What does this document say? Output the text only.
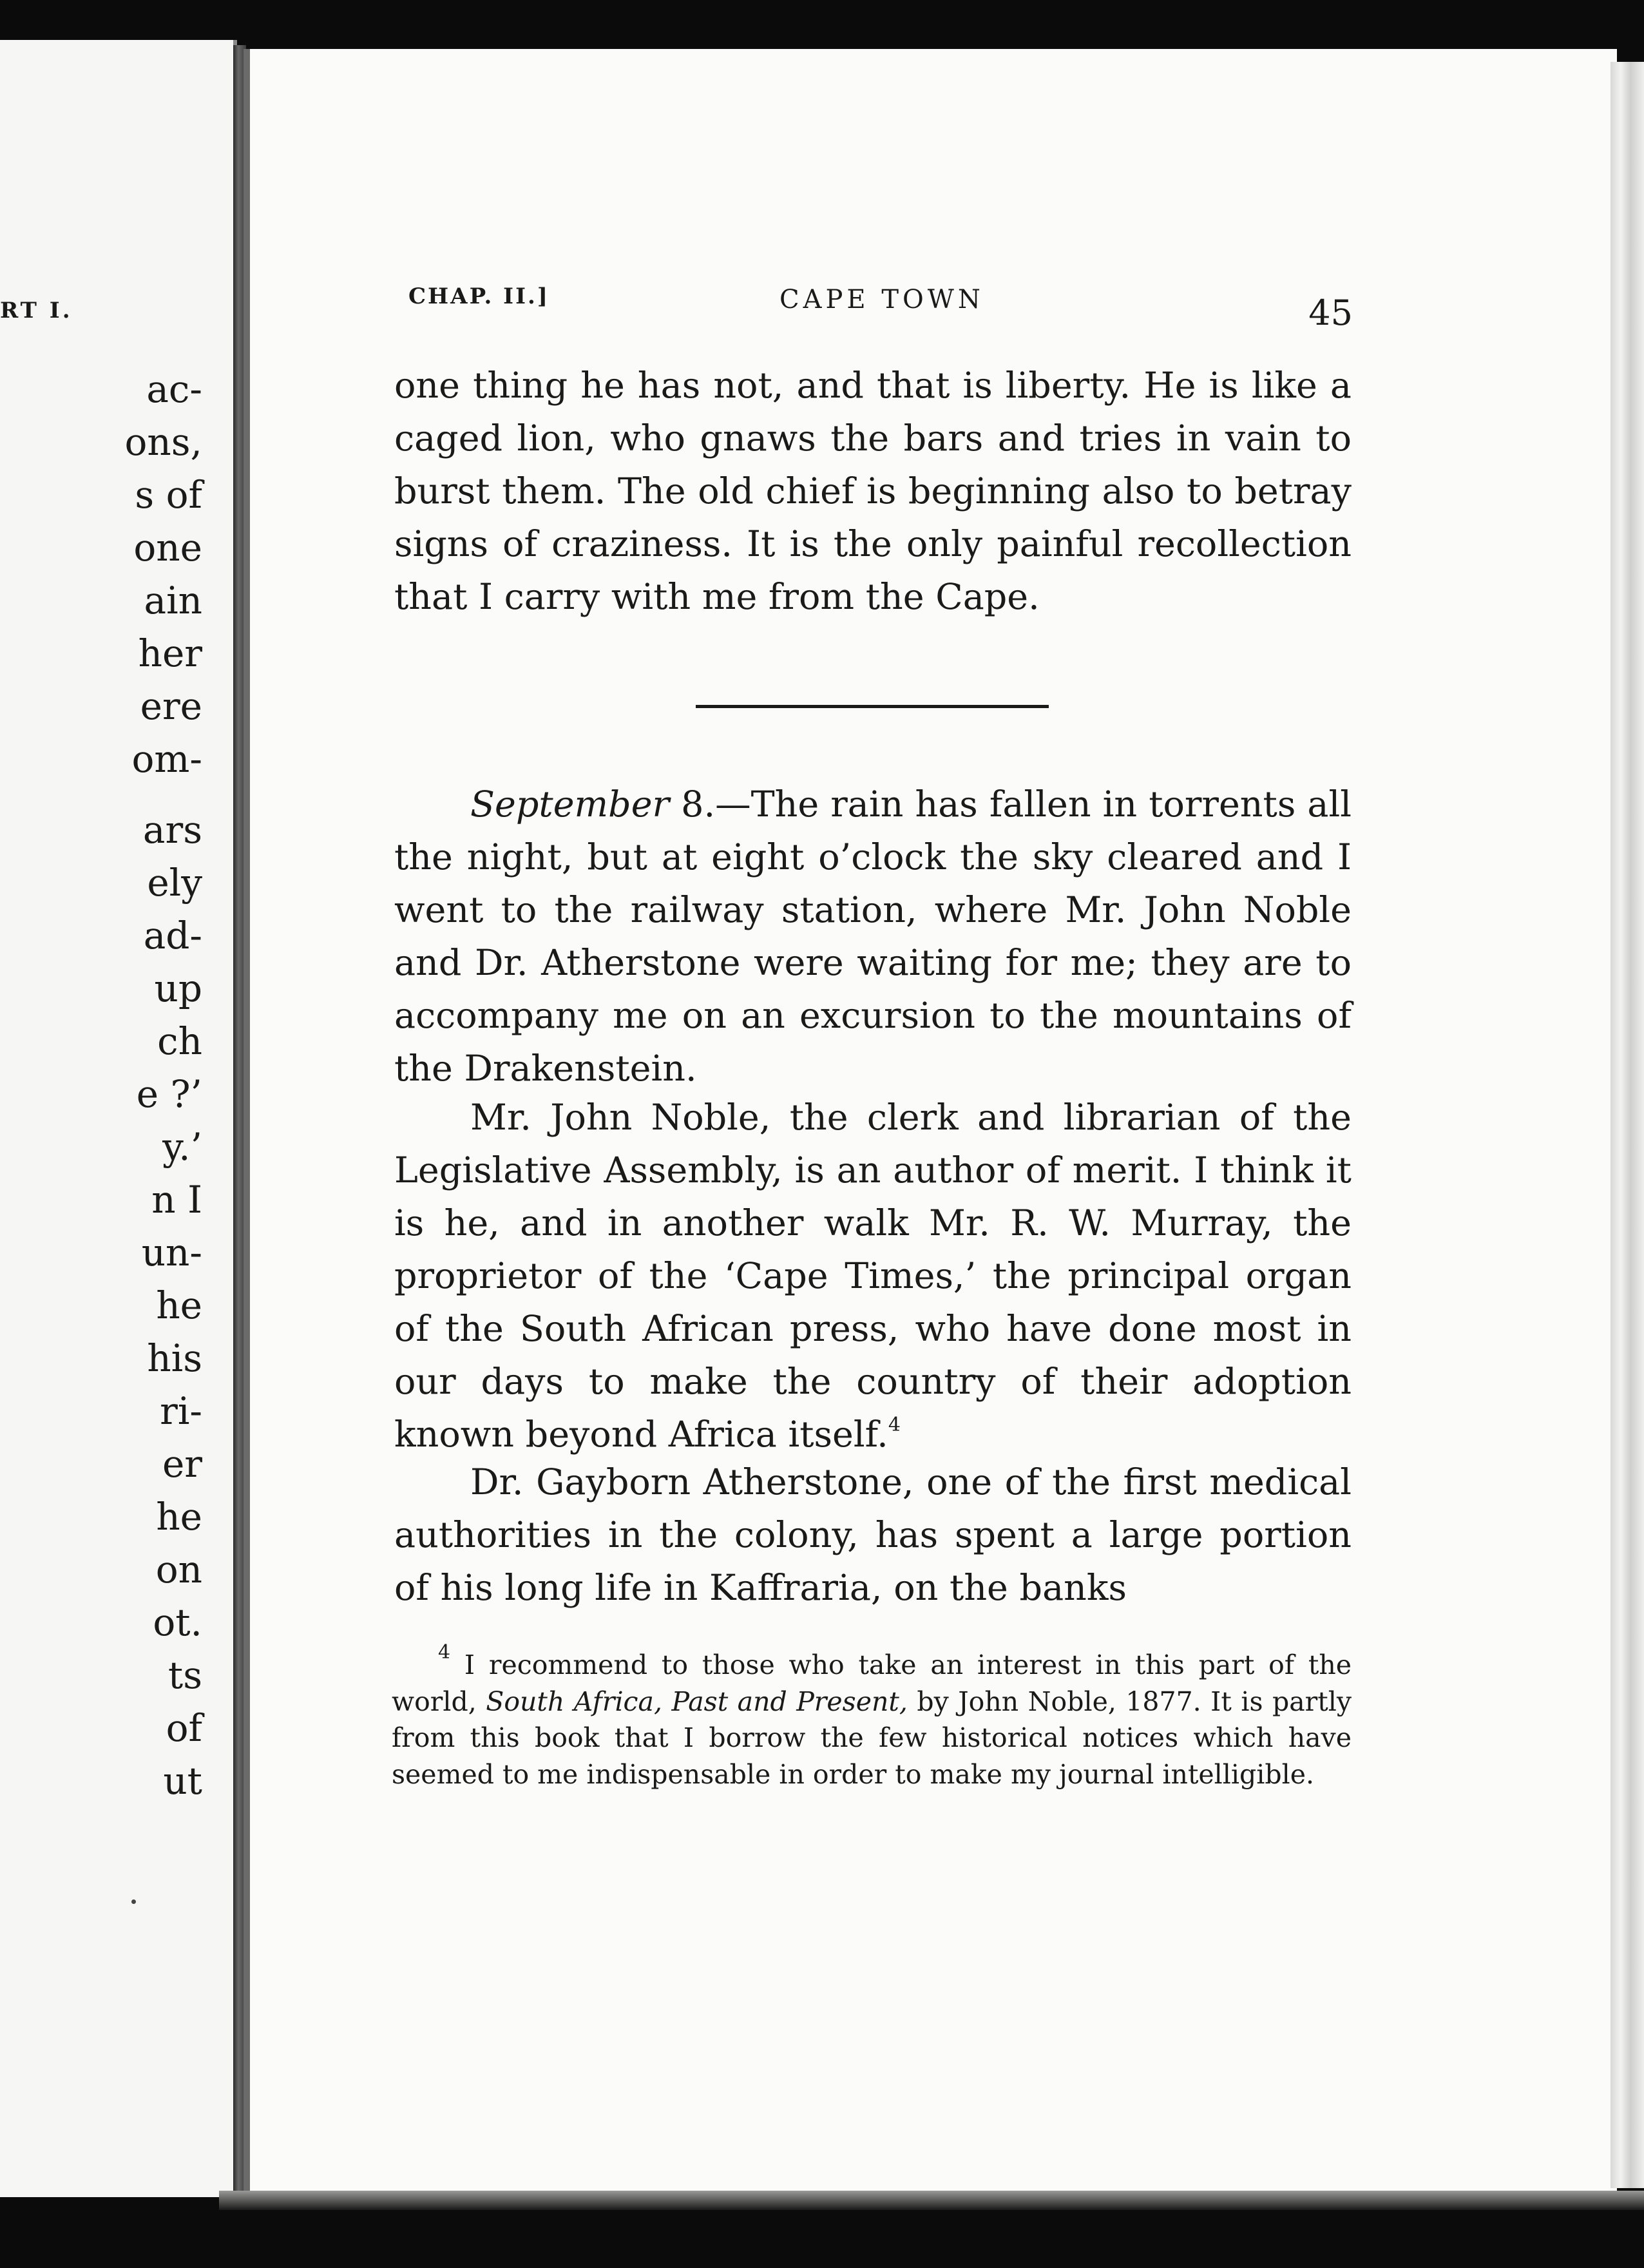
RT I.
ac-
ons,
s of
one
ain
her
ere
om-
ars
ely
ad-
up
ch
e ?’
y.’
n I
un-
he
his
ri-
er
he
on
ot.
ts
of
ut
CHAP. II.]	CAPE TOWN	45

one thing he has not, and that is liberty. He is like a caged lion, who gnaws the bars and tries in vain to burst them. The old chief is beginning also to betray signs of craziness. It is the only painful recollection that I carry with me from the Cape.

September 8.—The rain has fallen in torrents all the night, but at eight o’clock the sky cleared and I went to the railway station, where Mr. John Noble and Dr. Atherstone were waiting for me; they are to accompany me on an excursion to the mountains of the Drakenstein.

Mr. John Noble, the clerk and librarian of the Legislative Assembly, is an author of merit. I think it is he, and in another walk Mr. R. W. Murray, the proprietor of the ‘Cape Times,’ the principal organ of the South African press, who have done most in our days to make the country of their adoption known beyond Africa itself.$^4$

Dr. Gayborn Atherstone, one of the first medical authorities in the colony, has spent a large portion of his long life in Kaffraria, on the banks

$^4$ I recommend to those who take an interest in this part of the world, South Africa, Past and Present, by John Noble, 1877. It is partly from this book that I borrow the few historical notices which have seemed to me indispensable in order to make my journal intelligible.
